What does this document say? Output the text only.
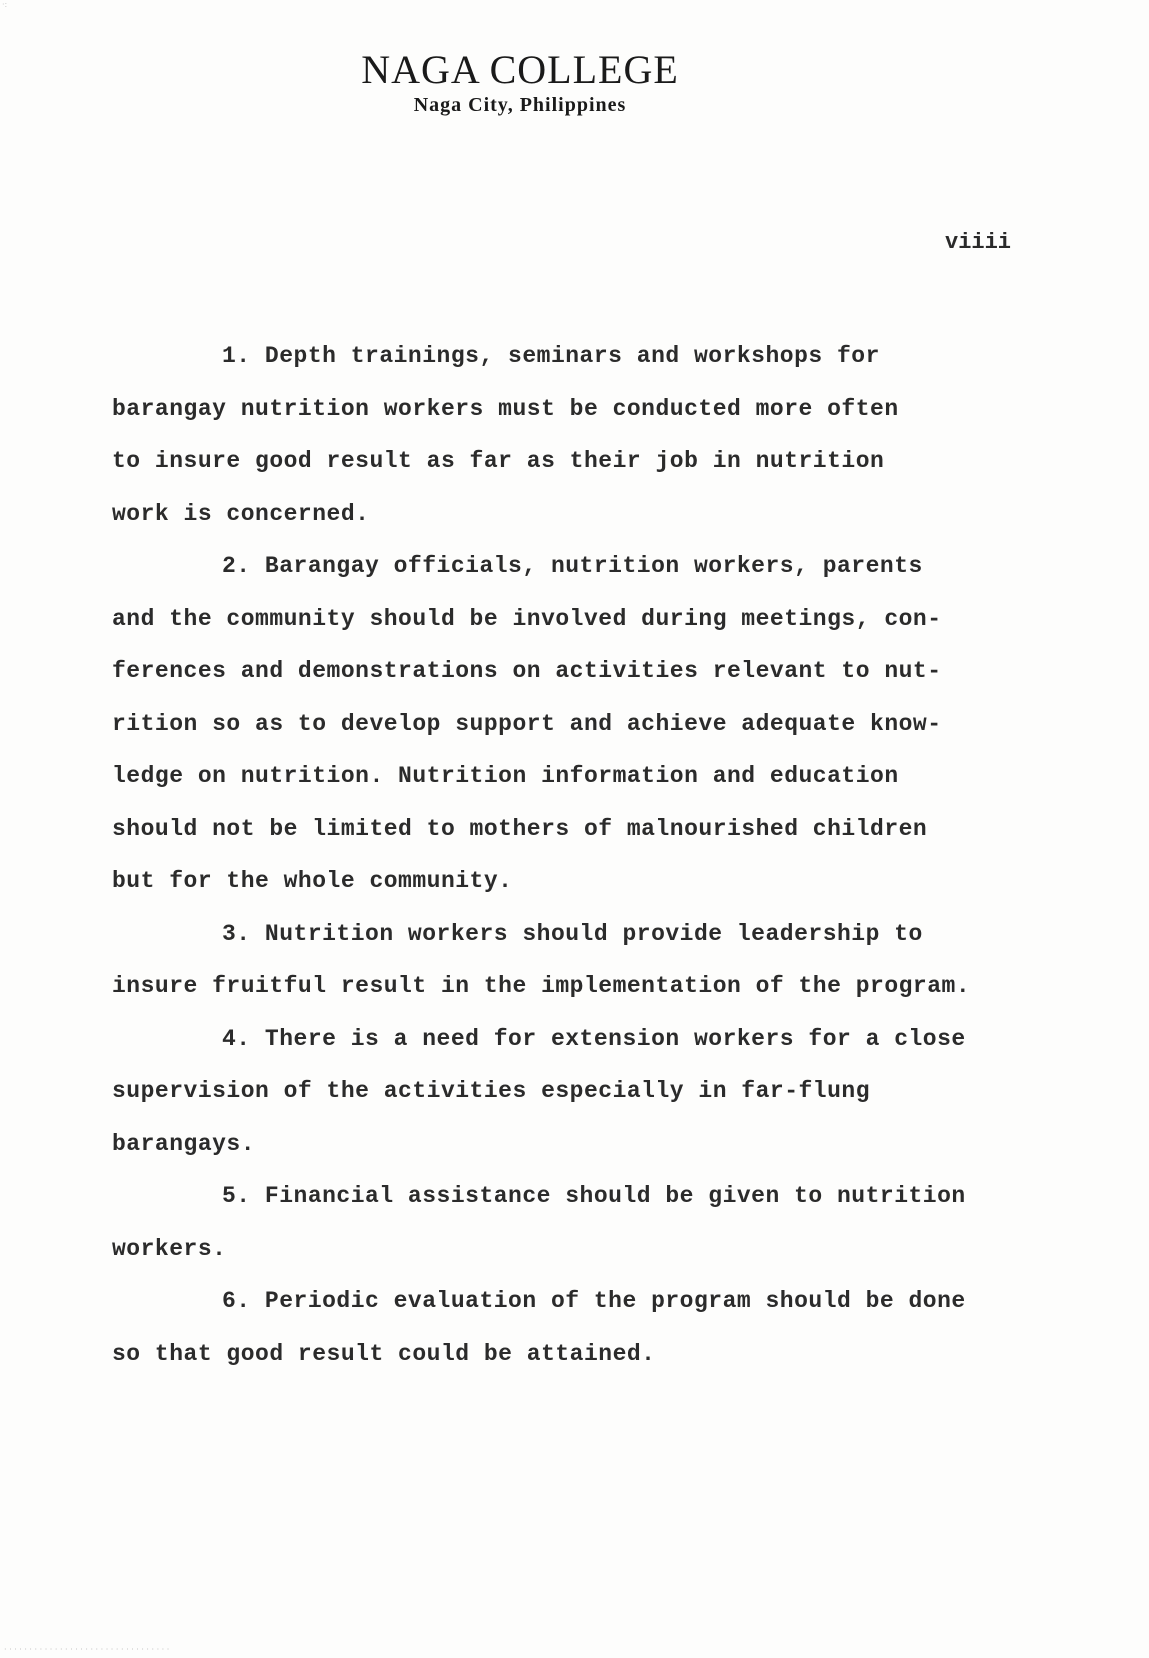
·:
NAGA COLLEGE
Naga City, Philippines
viiii
1. Depth trainings, seminars and workshops for
barangay nutrition workers must be conducted more often
to insure good result as far as their job in nutrition
work is concerned.
2. Barangay officials, nutrition workers, parents
and the community should be involved during meetings, con-
ferences and demonstrations on activities relevant to nut-
rition so as to develop support and achieve adequate know-
ledge on nutrition. Nutrition information and education
should not be limited to mothers of malnourished children
but for the whole community.
3. Nutrition workers should provide leadership to
insure fruitful result in the implementation of the program.
4. There is a need for extension workers for a close
supervision of the activities especially in far-flung
barangays.
5. Financial assistance should be given to nutrition
workers.
6. Periodic evaluation of the program should be done
so that good result could be attained.
· · · · · · · · · · · · · · · · · · · · · · · · · · · · · · · · ·
